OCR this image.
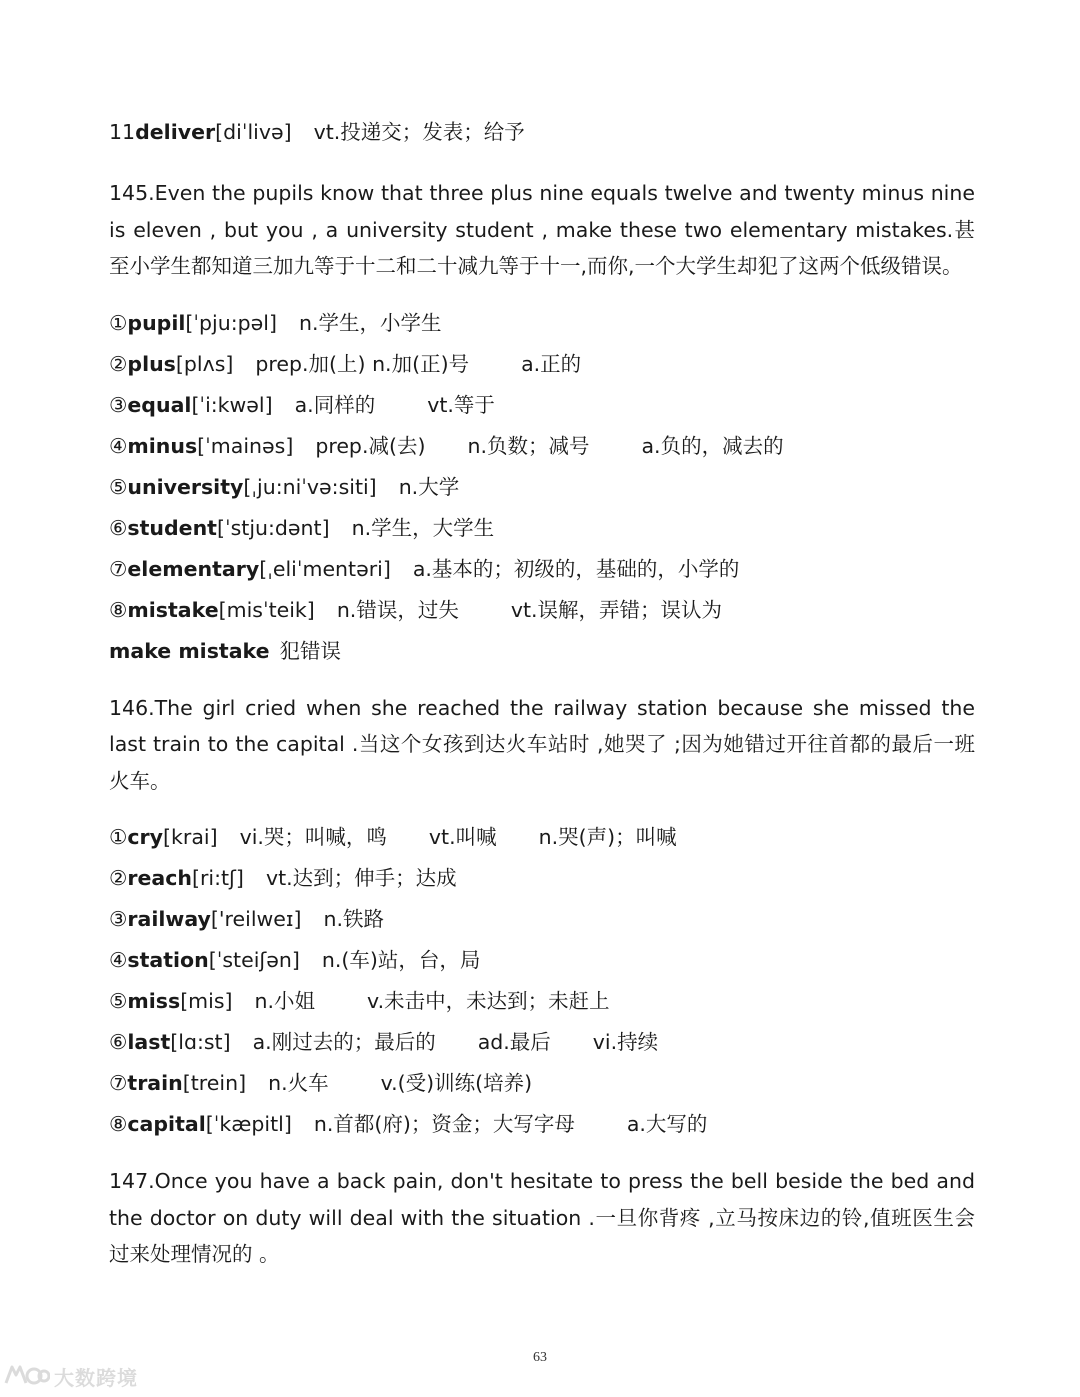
11deliver[diˈlivə] vt.投递交；发表；给予
145.Even the pupils know that three plus nine equals twelve and twenty minus nine is eleven , but you , a university student , make these two elementary mistakes.甚至小学生都知道三加九等于十二和二十减九等于十一,而你,一个大学生却犯了这两个低级错误。
①pupil[ˈpju:pəl] n.学生，小学生
②plus[plʌs] prep.加(上) n.加(正)号	a.正的
③equal[ˈi:kwəl] a.同样的	vt.等于
④minus[ˈmainəs] prep.减(去) n.负数；减号	a.负的，减去的
⑤university[ˌju:niˈvə:siti] n.大学
⑥student[ˈstju:dənt] n.学生，大学生
⑦elementary[ˌeliˈmentəri] a.基本的；初级的，基础的，小学的
⑧mistake[misˈteik] n.错误，过失	vt.误解，弄错；误认为
make mistake 犯错误
146.The girl cried when she reached the railway station because she missed the last train to the capital .当这个女孩到达火车站时 ,她哭了 ;因为她错过开往首都的最后一班火车。
①cry[krai] vi.哭；叫喊，鸣 vt.叫喊 n.哭(声)；叫喊
②reach[ri:tʃ] vt.达到；伸手；达成
③railway['reilweɪ] n.铁路
④station[ˈsteiʃən] n.(车)站，台，局
⑤miss[mis] n.小姐	v.未击中，未达到；未赶上
⑥last[lɑ:st] a.刚过去的；最后的 ad.最后 vi.持续
⑦train[trein] n.火车	v.(受)训练(培养)
⑧capital[ˈkæpitl] n.首都(府)；资金；大写字母	a.大写的
147.Once you have a back pain, don't hesitate to press the bell beside the bed and the doctor on duty will deal with the situation .一旦你背疼 ,立马按床边的铃,值班医生会过来处理情况的 。
63
大数跨境
